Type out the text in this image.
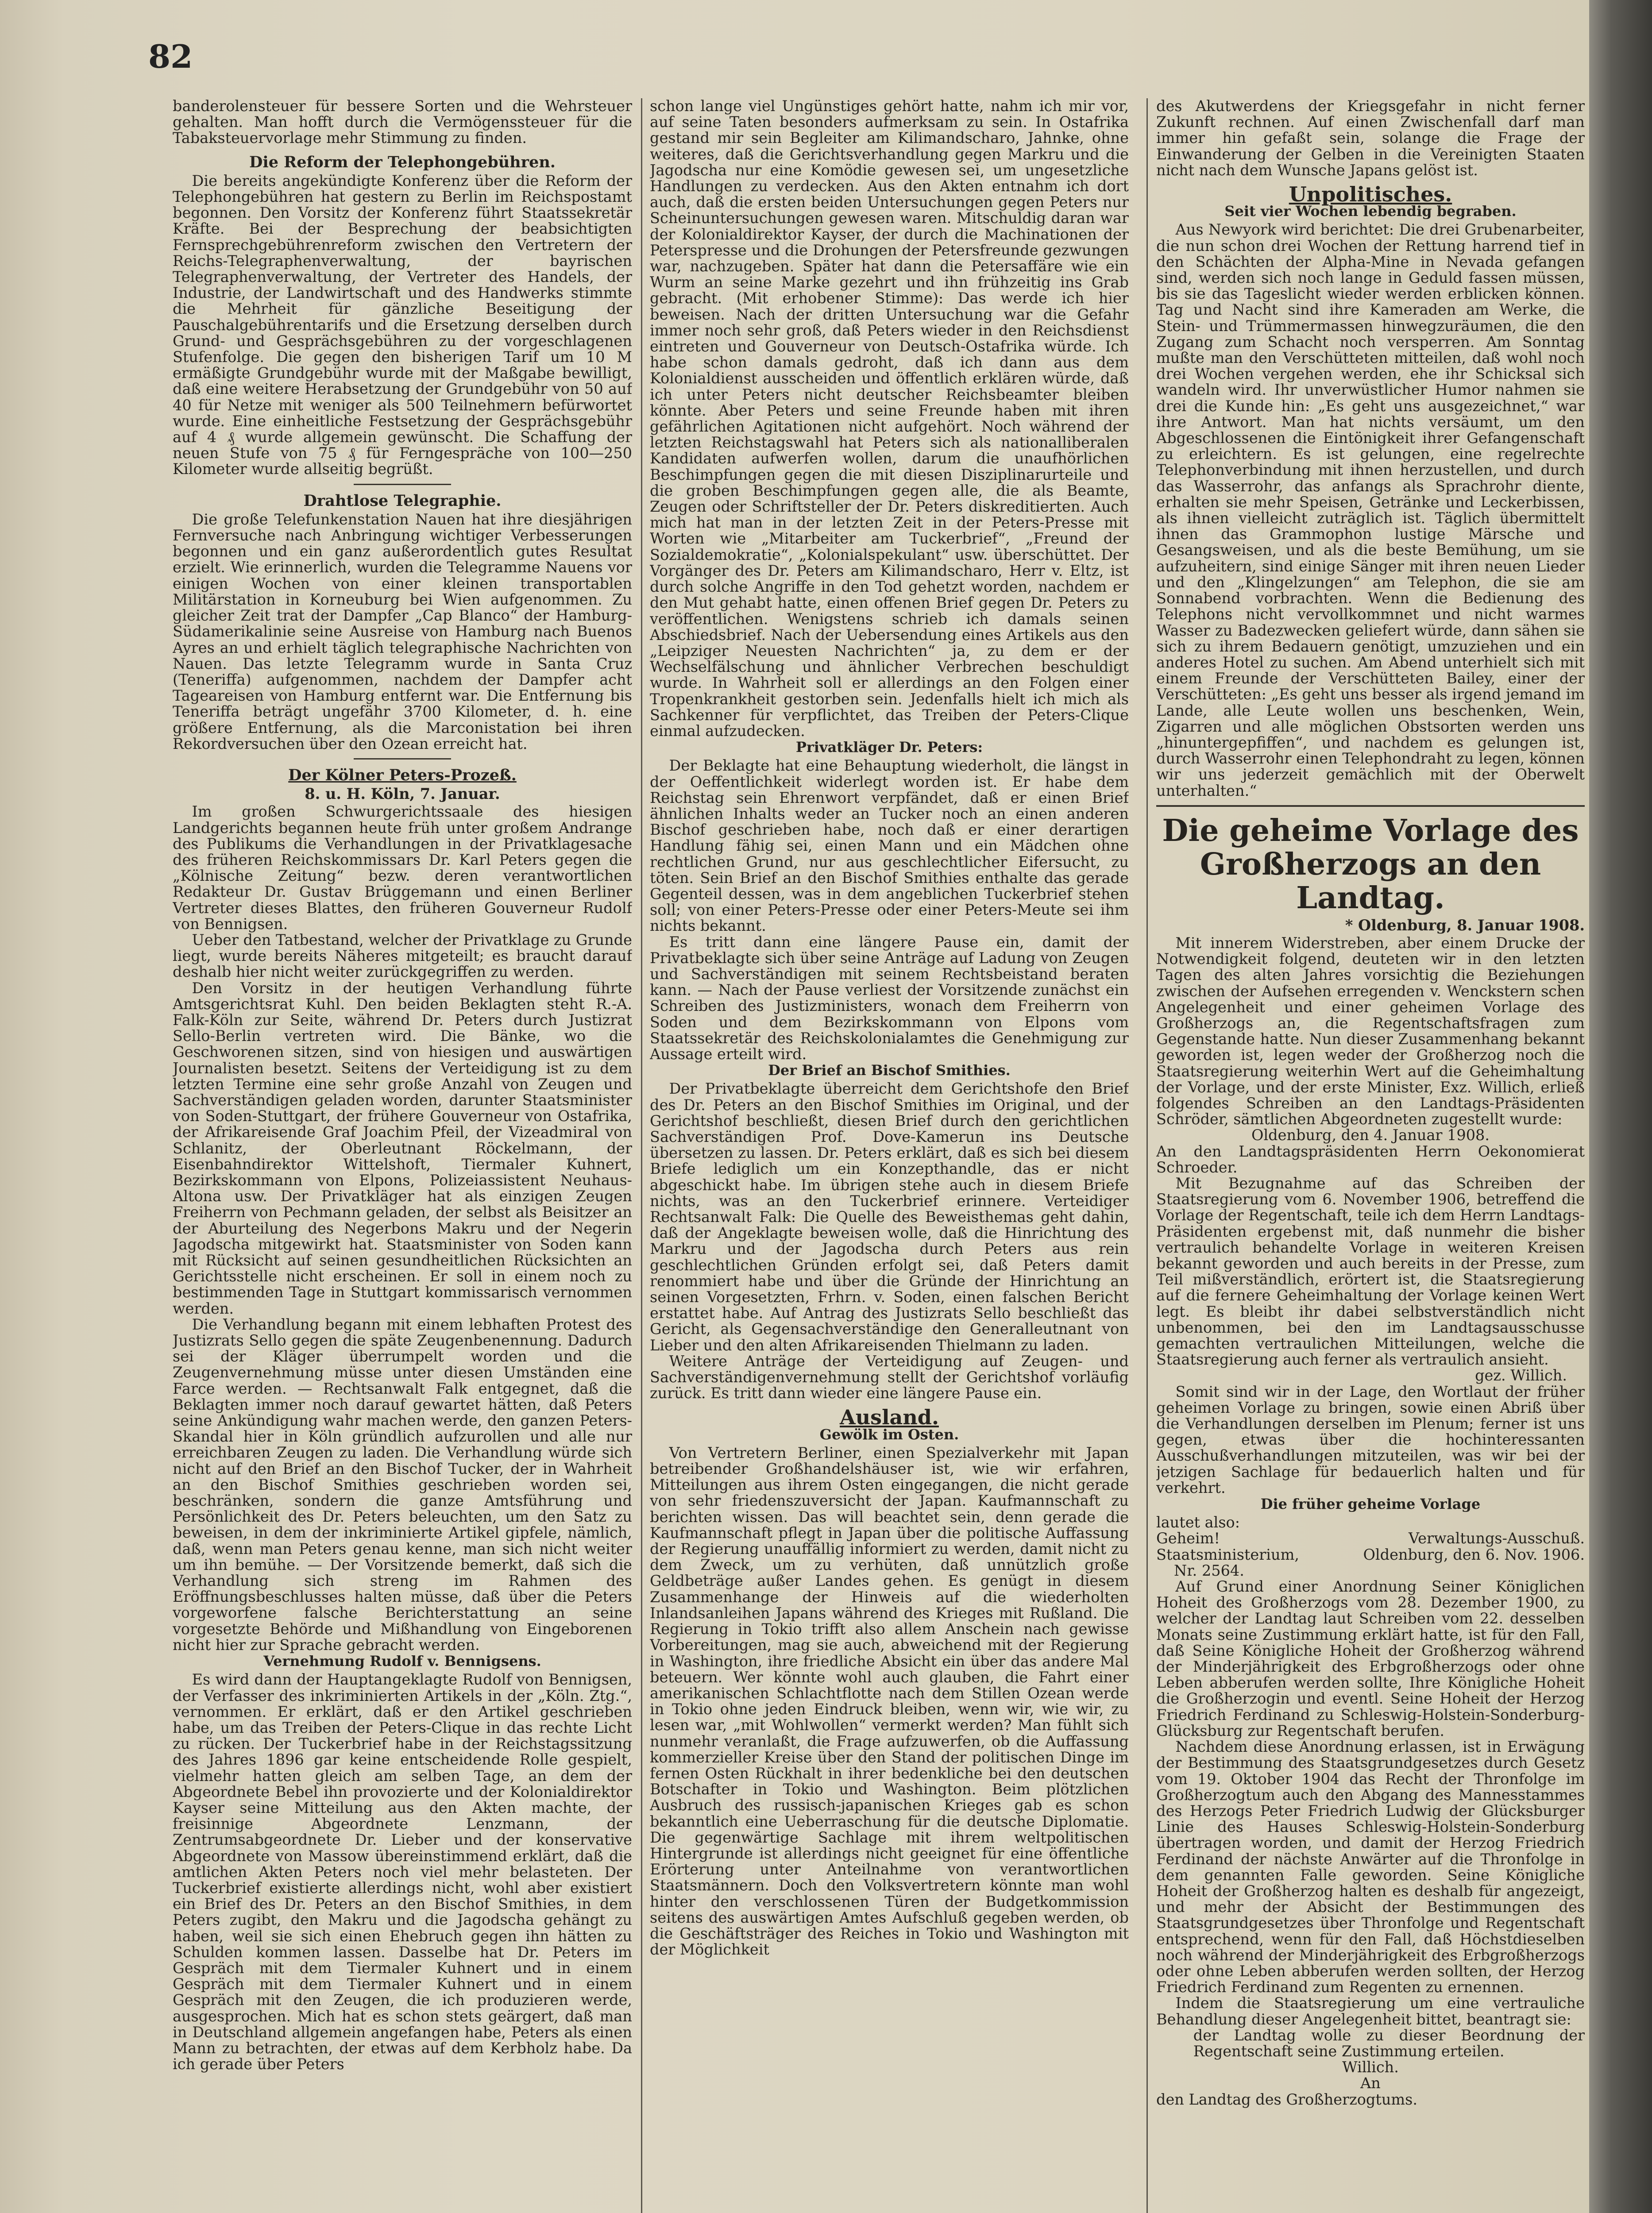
82

banderolensteuer für bessere Sorten und die Wehrsteuer gehalten. Man hofft durch die Vermögenssteuer für die Tabaksteuervorlage mehr Stimmung zu finden.

Die Reform der Telephongebühren.

Die bereits angekündigte Konferenz über die Reform der Telephongebühren hat gestern zu Berlin im Reichspostamt begonnen. Den Vorsitz der Konferenz führt Staatssekretär Kräfte. Bei der Besprechung der beabsichtigten Fernsprechgebührenreform zwischen den Vertretern der Reichs-Telegraphenverwaltung, der bayrischen Telegraphenverwaltung, der Vertreter des Handels, der Industrie, der Landwirtschaft und des Handwerks stimmte die Mehrheit für gänzliche Beseitigung der Pauschalgebührentarifs und die Ersetzung derselben durch Grund- und Gesprächsgebühren zu der vorgeschlagenen Stufenfolge. Die gegen den bisherigen Tarif um 10 M ermäßigte Grundgebühr wurde mit der Maßgabe bewilligt, daß eine weitere Herabsetzung der Grundgebühr von 50 auf 40 für Netze mit weniger als 500 Teilnehmern befürwortet wurde. Eine einheitliche Festsetzung der Gesprächsgebühr auf 4 ₰ wurde allgemein gewünscht. Die Schaffung der neuen Stufe von 75 ₰ für Ferngespräche von 100—250 Kilometer wurde allseitig begrüßt.

Drahtlose Telegraphie.

Die große Telefunkenstation Nauen hat ihre diesjährigen Fernversuche nach Anbringung wichtiger Verbesserungen begonnen und ein ganz außerordentlich gutes Resultat erzielt. Wie erinnerlich, wurden die Telegramme Nauens vor einigen Wochen von einer kleinen transportablen Militärstation in Korneuburg bei Wien aufgenommen. Zu gleicher Zeit trat der Dampfer „Cap Blanco“ der Hamburg-Südamerikalinie seine Ausreise von Hamburg nach Buenos Ayres an und erhielt täglich telegraphische Nachrichten von Nauen. Das letzte Telegramm wurde in Santa Cruz (Teneriffa) aufgenommen, nachdem der Dampfer acht Tageareisen von Hamburg entfernt war. Die Entfernung bis Teneriffa beträgt ungefähr 3700 Kilometer, d. h. eine größere Entfernung, als die Marconistation bei ihren Rekordversuchen über den Ozean erreicht hat.

Der Kölner Peters-Prozeß.
8. u. H. Köln, 7. Januar.

Im großen Schwurgerichtssaale des hiesigen Landgerichts begannen heute früh unter großem Andrange des Publikums die Verhandlungen in der Privatklagesache des früheren Reichskommissars Dr. Karl Peters gegen die „Kölnische Zeitung“ bezw. deren verantwortlichen Redakteur Dr. Gustav Brüggemann und einen Berliner Vertreter dieses Blattes, den früheren Gouverneur Rudolf von Bennigsen.

Ueber den Tatbestand, welcher der Privatklage zu Grunde liegt, wurde bereits Näheres mitgeteilt; es braucht darauf deshalb hier nicht weiter zurückgegriffen zu werden.

Den Vorsitz in der heutigen Verhandlung führte Amtsgerichtsrat Kuhl. Den beiden Beklagten steht R.-A. Falk-Köln zur Seite, während Dr. Peters durch Justizrat Sello-Berlin vertreten wird. Die Bänke, wo die Geschworenen sitzen, sind von hiesigen und auswärtigen Journalisten besetzt. Seitens der Verteidigung ist zu dem letzten Termine eine sehr große Anzahl von Zeugen und Sachverständigen geladen worden, darunter Staatsminister von Soden-Stuttgart, der frühere Gouverneur von Ostafrika, der Afrikareisende Graf Joachim Pfeil, der Vizeadmiral von Schlanitz, der Oberleutnant Röckelmann, der Eisenbahndirektor Wittelshoft, Tiermaler Kuhnert, Bezirkskommann von Elpons, Polizeiassistent Neuhaus-Altona usw. Der Privatkläger hat als einzigen Zeugen Freiherrn von Pechmann geladen, der selbst als Beisitzer an der Aburteilung des Negerbons Makru und der Negerin Jagodscha mitgewirkt hat. Staatsminister von Soden kann mit Rücksicht auf seinen gesundheitlichen Rücksichten an Gerichtsstelle nicht erscheinen. Er soll in einem noch zu bestimmenden Tage in Stuttgart kommissarisch vernommen werden.

Die Verhandlung begann mit einem lebhaften Protest des Justizrats Sello gegen die späte Zeugenbenennung. Dadurch sei der Kläger überrumpelt worden und die Zeugenvernehmung müsse unter diesen Umständen eine Farce werden. — Rechtsanwalt Falk entgegnet, daß die Beklagten immer noch darauf gewartet hätten, daß Peters seine Ankündigung wahr machen werde, den ganzen Peters-Skandal hier in Köln gründlich aufzurollen und alle nur erreichbaren Zeugen zu laden. Die Verhandlung würde sich nicht auf den Brief an den Bischof Tucker, der in Wahrheit an den Bischof Smithies geschrieben worden sei, beschränken, sondern die ganze Amtsführung und Persönlichkeit des Dr. Peters beleuchten, um den Satz zu beweisen, in dem der inkriminierte Artikel gipfele, nämlich, daß, wenn man Peters genau kenne, man sich nicht weiter um ihn bemühe. — Der Vorsitzende bemerkt, daß sich die Verhandlung sich streng im Rahmen des Eröffnungsbeschlusses halten müsse, daß über die Peters vorgeworfene falsche Berichterstattung an seine vorgesetzte Behörde und Mißhandlung von Eingeborenen nicht hier zur Sprache gebracht werden.

Vernehmung Rudolf v. Bennigsens.

Es wird dann der Hauptangeklagte Rudolf von Bennigsen, der Verfasser des inkriminierten Artikels in der „Köln. Ztg.“, vernommen. Er erklärt, daß er den Artikel geschrieben habe, um das Treiben der Peters-Clique in das rechte Licht zu rücken. Der Tuckerbrief habe in der Reichstagssitzung des Jahres 1896 gar keine entscheidende Rolle gespielt, vielmehr hatten gleich am selben Tage, an dem der Abgeordnete Bebel ihn provozierte und der Kolonialdirektor Kayser seine Mitteilung aus den Akten machte, der freisinnige Abgeordnete Lenzmann, der Zentrumsabgeordnete Dr. Lieber und der konservative Abgeordnete von Massow übereinstimmend erklärt, daß die amtlichen Akten Peters noch viel mehr belasteten. Der Tuckerbrief existierte allerdings nicht, wohl aber existiert ein Brief des Dr. Peters an den Bischof Smithies, in dem Peters zugibt, den Makru und die Jagodscha gehängt zu haben, weil sie sich einen Ehebruch gegen ihn hätten zu Schulden kommen lassen. Dasselbe hat Dr. Peters im Gespräch mit dem Tiermaler Kuhnert und in einem Gespräch mit dem Tiermaler Kuhnert und in einem Gespräch mit den Zeugen, die ich produzieren werde, ausgesprochen. Mich hat es schon stets geärgert, daß man in Deutschland allgemein angefangen habe, Peters als einen Mann zu betrachten, der etwas auf dem Kerbholz habe. Da ich gerade über Peters

schon lange viel Ungünstiges gehört hatte, nahm ich mir vor, auf seine Taten besonders aufmerksam zu sein. In Ostafrika gestand mir sein Begleiter am Kilimandscharo, Jahnke, ohne weiteres, daß die Gerichtsverhandlung gegen Markru und die Jagodscha nur eine Komödie gewesen sei, um ungesetzliche Handlungen zu verdecken. Aus den Akten entnahm ich dort auch, daß die ersten beiden Untersuchungen gegen Peters nur Scheinuntersuchungen gewesen waren. Mitschuldig daran war der Kolonialdirektor Kayser, der durch die Machinationen der Peterspresse und die Drohungen der Petersfreunde gezwungen war, nachzugeben. Später hat dann die Petersaffäre wie ein Wurm an seine Marke gezehrt und ihn frühzeitig ins Grab gebracht. (Mit erhobener Stimme): Das werde ich hier beweisen. Nach der dritten Untersuchung war die Gefahr immer noch sehr groß, daß Peters wieder in den Reichsdienst eintreten und Gouverneur von Deutsch-Ostafrika würde. Ich habe schon damals gedroht, daß ich dann aus dem Kolonialdienst ausscheiden und öffentlich erklären würde, daß ich unter Peters nicht deutscher Reichsbeamter bleiben könnte. Aber Peters und seine Freunde haben mit ihren gefährlichen Agitationen nicht aufgehört. Noch während der letzten Reichstagswahl hat Peters sich als nationalliberalen Kandidaten aufwerfen wollen, darum die unaufhörlichen Beschimpfungen gegen die mit diesen Disziplinarurteile und die groben Beschimpfungen gegen alle, die als Beamte, Zeugen oder Schriftsteller der Dr. Peters diskreditierten. Auch mich hat man in der letzten Zeit in der Peters-Presse mit Worten wie „Mitarbeiter am Tuckerbrief“, „Freund der Sozialdemokratie“, „Kolonialspekulant“ usw. überschüttet. Der Vorgänger des Dr. Peters am Kilimandscharo, Herr v. Eltz, ist durch solche Angriffe in den Tod gehetzt worden, nachdem er den Mut gehabt hatte, einen offenen Brief gegen Dr. Peters zu veröffentlichen. Wenigstens schrieb ich damals seinen Abschiedsbrief. Nach der Uebersendung eines Artikels aus den „Leipziger Neuesten Nachrichten“ ja, zu dem er der Wechselfälschung und ähnlicher Verbrechen beschuldigt wurde. In Wahrheit soll er allerdings an den Folgen einer Tropenkrankheit gestorben sein. Jedenfalls hielt ich mich als Sachkenner für verpflichtet, das Treiben der Peters-Clique einmal aufzudecken.

Privatkläger Dr. Peters:

Der Beklagte hat eine Behauptung wiederholt, die längst in der Oeffentlichkeit widerlegt worden ist. Er habe dem Reichstag sein Ehrenwort verpfändet, daß er einen Brief ähnlichen Inhalts weder an Tucker noch an einen anderen Bischof geschrieben habe, noch daß er einer derartigen Handlung fähig sei, einen Mann und ein Mädchen ohne rechtlichen Grund, nur aus geschlechtlicher Eifersucht, zu töten. Sein Brief an den Bischof Smithies enthalte das gerade Gegenteil dessen, was in dem angeblichen Tuckerbrief stehen soll; von einer Peters-Presse oder einer Peters-Meute sei ihm nichts bekannt.

Es tritt dann eine längere Pause ein, damit der Privatbeklagte sich über seine Anträge auf Ladung von Zeugen und Sachverständigen mit seinem Rechtsbeistand beraten kann. — Nach der Pause verliest der Vorsitzende zunächst ein Schreiben des Justizministers, wonach dem Freiherrn von Soden und dem Bezirkskommann von Elpons vom Staatssekretär des Reichskolonialamtes die Genehmigung zur Aussage erteilt wird.

Der Brief an Bischof Smithies.

Der Privatbeklagte überreicht dem Gerichtshofe den Brief des Dr. Peters an den Bischof Smithies im Original, und der Gerichtshof beschließt, diesen Brief durch den gerichtlichen Sachverständigen Prof. Dove-Kamerun ins Deutsche übersetzen zu lassen. Dr. Peters erklärt, daß es sich bei diesem Briefe lediglich um ein Konzepthandle, das er nicht abgeschickt habe. Im übrigen stehe auch in diesem Briefe nichts, was an den Tuckerbrief erinnere. Verteidiger Rechtsanwalt Falk: Die Quelle des Beweisthemas geht dahin, daß der Angeklagte beweisen wolle, daß die Hinrichtung des Markru und der Jagodscha durch Peters aus rein geschlechtlichen Gründen erfolgt sei, daß Peters damit renommiert habe und über die Gründe der Hinrichtung an seinen Vorgesetzten, Frhrn. v. Soden, einen falschen Bericht erstattet habe. Auf Antrag des Justizrats Sello beschließt das Gericht, als Gegensachverständige den Generalleutnant von Lieber und den alten Afrikareisenden Thielmann zu laden.

Weitere Anträge der Verteidigung auf Zeugen- und Sachverständigenvernehmung stellt der Gerichtshof vorläufig zurück. Es tritt dann wieder eine längere Pause ein.

Ausland.
Gewölk im Osten.

Von Vertretern Berliner, einen Spezialverkehr mit Japan betreibender Großhandelshäuser ist, wie wir erfahren, Mitteilungen aus ihrem Osten eingegangen, die nicht gerade von sehr friedenszuversicht der Japan. Kaufmannschaft zu berichten wissen. Das will beachtet sein, denn gerade die Kaufmannschaft pflegt in Japan über die politische Auffassung der Regierung unauffällig informiert zu werden, damit nicht zu dem Zweck, um zu verhüten, daß unnützlich große Geldbeträge außer Landes gehen. Es genügt in diesem Zusammenhange der Hinweis auf die wiederholten Inlandsanleihen Japans während des Krieges mit Rußland. Die Regierung in Tokio trifft also allem Anschein nach gewisse Vorbereitungen, mag sie auch, abweichend mit der Regierung in Washington, ihre friedliche Absicht ein über das andere Mal beteuern. Wer könnte wohl auch glauben, die Fahrt einer amerikanischen Schlachtflotte nach dem Stillen Ozean werde in Tokio ohne jeden Eindruck bleiben, wenn wir, wie wir, zu lesen war, „mit Wohlwollen“ vermerkt werden? Man fühlt sich nunmehr veranlaßt, die Frage aufzuwerfen, ob die Auffassung kommerzieller Kreise über den Stand der politischen Dinge im fernen Osten Rückhalt in ihrer bedenkliche bei den deutschen Botschafter in Tokio und Washington. Beim plötzlichen Ausbruch des russisch-japanischen Krieges gab es schon bekanntlich eine Ueberraschung für die deutsche Diplomatie. Die gegenwärtige Sachlage mit ihrem weltpolitischen Hintergrunde ist allerdings nicht geeignet für eine öffentliche Erörterung unter Anteilnahme von verantwortlichen Staatsmännern. Doch den Volksvertretern könnte man wohl hinter den verschlossenen Türen der Budgetkommission seitens des auswärtigen Amtes Aufschluß gegeben werden, ob die Geschäftsträger des Reiches in Tokio und Washington mit der Möglichkeit

des Akutwerdens der Kriegsgefahr in nicht ferner Zukunft rechnen. Auf einen Zwischenfall darf man immer hin gefaßt sein, solange die Frage der Einwanderung der Gelben in die Vereinigten Staaten nicht nach dem Wunsche Japans gelöst ist.

Unpolitisches.
Seit vier Wochen lebendig begraben.

Aus Newyork wird berichtet: Die drei Grubenarbeiter, die nun schon drei Wochen der Rettung harrend tief in den Schächten der Alpha-Mine in Nevada gefangen sind, werden sich noch lange in Geduld fassen müssen, bis sie das Tageslicht wieder werden erblicken können. Tag und Nacht sind ihre Kameraden am Werke, die Stein- und Trümmermassen hinwegzuräumen, die den Zugang zum Schacht noch versperren. Am Sonntag mußte man den Verschütteten mitteilen, daß wohl noch drei Wochen vergehen werden, ehe ihr Schicksal sich wandeln wird. Ihr unverwüstlicher Humor nahmen sie drei die Kunde hin: „Es geht uns ausgezeichnet,“ war ihre Antwort. Man hat nichts versäumt, um den Abgeschlossenen die Eintönigkeit ihrer Gefangenschaft zu erleichtern. Es ist gelungen, eine regelrechte Telephonverbindung mit ihnen herzustellen, und durch das Wasserrohr, das anfangs als Sprachrohr diente, erhalten sie mehr Speisen, Getränke und Leckerbissen, als ihnen vielleicht zuträglich ist. Täglich übermittelt ihnen das Grammophon lustige Märsche und Gesangsweisen, und als die beste Bemühung, um sie aufzuheitern, sind einige Sänger mit ihren neuen Lieder und den „Klingelzungen“ am Telephon, die sie am Sonnabend vorbrachten. Wenn die Bedienung des Telephons nicht vervollkommnet und nicht warmes Wasser zu Badezwecken geliefert würde, dann sähen sie sich zu ihrem Bedauern genötigt, umzuziehen und ein anderes Hotel zu suchen. Am Abend unterhielt sich mit einem Freunde der Verschütteten Bailey, einer der Verschütteten: „Es geht uns besser als irgend jemand im Lande, alle Leute wollen uns beschenken, Wein, Zigarren und alle möglichen Obstsorten werden uns „hinuntergepfiffen“, und nachdem es gelungen ist, durch Wasserrohr einen Telephondraht zu legen, können wir uns jederzeit gemächlich mit der Oberwelt unterhalten.“

Die geheime Vorlage des Großherzogs an den Landtag.
* Oldenburg, 8. Januar 1908.

Mit innerem Widerstreben, aber einem Drucke der Notwendigkeit folgend, deuteten wir in den letzten Tagen des alten Jahres vorsichtig die Beziehungen zwischen der Aufsehen erregenden v. Wenckstern schen Angelegenheit und einer geheimen Vorlage des Großherzogs an, die Regentschaftsfragen zum Gegenstande hatte. Nun dieser Zusammenhang bekannt geworden ist, legen weder der Großherzog noch die Staatsregierung weiterhin Wert auf die Geheimhaltung der Vorlage, und der erste Minister, Exz. Willich, erließ folgendes Schreiben an den Landtags-Präsidenten Schröder, sämtlichen Abgeordneten zugestellt wurde:

Oldenburg, den 4. Januar 1908.

An den Landtagspräsidenten Herrn Oekonomierat Schroeder.

Mit Bezugnahme auf das Schreiben der Staatsregierung vom 6. November 1906, betreffend die Vorlage der Regentschaft, teile ich dem Herrn Landtags-Präsidenten ergebenst mit, daß nunmehr die bisher vertraulich behandelte Vorlage in weiteren Kreisen bekannt geworden und auch bereits in der Presse, zum Teil mißverständlich, erörtert ist, die Staatsregierung auf die fernere Geheimhaltung der Vorlage keinen Wert legt. Es bleibt ihr dabei selbstverständlich nicht unbenommen, bei den im Landtagsausschusse gemachten vertraulichen Mitteilungen, welche die Staatsregierung auch ferner als vertraulich ansieht.

gez. Willich.

Somit sind wir in der Lage, den Wortlaut der früher geheimen Vorlage zu bringen, sowie einen Abriß über die Verhandlungen derselben im Plenum; ferner ist uns gegen, etwas über die hochinteressanten Ausschußverhandlungen mitzuteilen, was wir bei der jetzigen Sachlage für bedauerlich halten und für verkehrt.

Die früher geheime Vorlage

lautet also:

Geheim!	Verwaltungs-Ausschuß.
Staatsministerium,	Oldenburg, den 6. Nov. 1906.

Nr. 2564.

Auf Grund einer Anordnung Seiner Königlichen Hoheit des Großherzogs vom 28. Dezember 1900, zu welcher der Landtag laut Schreiben vom 22. desselben Monats seine Zustimmung erklärt hatte, ist für den Fall, daß Seine Königliche Hoheit der Großherzog während der Minderjährigkeit des Erbgroßherzogs oder ohne Leben abberufen werden sollte, Ihre Königliche Hoheit die Großherzogin und eventl. Seine Hoheit der Herzog Friedrich Ferdinand zu Schleswig-Holstein-Sonderburg-Glücksburg zur Regentschaft berufen.

Nachdem diese Anordnung erlassen, ist in Erwägung der Bestimmung des Staatsgrundgesetzes durch Gesetz vom 19. Oktober 1904 das Recht der Thronfolge im Großherzogtum auch den Abgang des Mannesstammes des Herzogs Peter Friedrich Ludwig der Glücksburger Linie des Hauses Schleswig-Holstein-Sonderburg übertragen worden, und damit der Herzog Friedrich Ferdinand der nächste Anwärter auf die Thronfolge in dem genannten Falle geworden. Seine Königliche Hoheit der Großherzog halten es deshalb für angezeigt, und mehr der Absicht der Bestimmungen des Staatsgrundgesetzes über Thronfolge und Regentschaft entsprechend, wenn für den Fall, daß Höchstdieselben noch während der Minderjährigkeit des Erbgroßherzogs oder ohne Leben abberufen werden sollten, der Herzog Friedrich Ferdinand zum Regenten zu ernennen.

Indem die Staatsregierung um eine vertrauliche Behandlung dieser Angelegenheit bittet, beantragt sie:

der Landtag wolle zu dieser Beordnung der Regentschaft seine Zustimmung erteilen.

Willich.
An

den Landtag des Großherzogtums.
